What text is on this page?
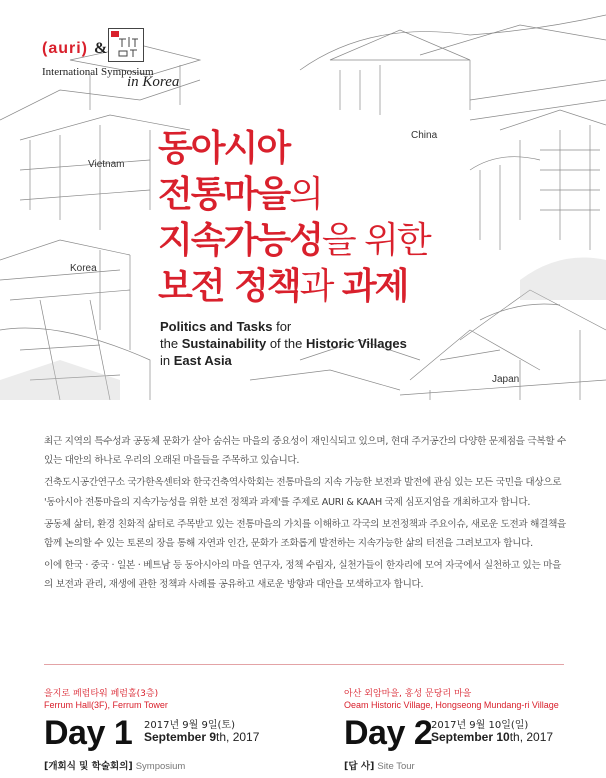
(auri) &
International Symposium
in Korea
China
Vietnam
Korea
Japan
동아시아
전통마을의
지속가능성을 위한
보전 정책과 과제
Politics and Tasks for
the Sustainability of the Historic Villages
in East Asia

최근 지역의 특수성과 공동체 문화가 살아 숨쉬는 마을의 중요성이 재인식되고 있으며, 현대 주거공간의 다양한 문제점을 극복할 수 있는 대안의 하나로 우리의 오래된 마을들을 주목하고 있습니다.

건축도시공간연구소 국가한옥센터와 한국건축역사학회는 전통마을의 지속 가능한 보전과 발전에 관심 있는 모든 국민을 대상으로 '동아시아 전통마을의 지속가능성을 위한 보전 정책과 과제'를 주제로 AURI & KAAH 국제 심포지엄을 개최하고자 합니다.

공동체 삶터, 환경 친화적 삶터로 주목받고 있는 전통마을의 가치를 이해하고 각국의 보전정책과 주요이슈, 새로운 도전과 해결책을 함께 논의할 수 있는 토론의 장을 통해 자연과 인간, 문화가 조화롭게 발전하는 지속가능한 삶의 터전을 그려보고자 합니다.

이에 한국 · 중국 · 일본 · 베트남 등 동아시아의 마을 연구자, 정책 수립자, 실천가들이 한자리에 모여 자국에서 실천하고 있는 마을의 보전과 관리, 재생에 관한 정책과 사례를 공유하고 새로운 방향과 대안을 모색하고자 합니다.

을지로 페럼타워 페럼홀(3층)
Ferrum Hall(3F), Ferrum Tower
Day 1 2017년 9월 9일(토)
September 9th, 2017
[개회식 및 학술회의] Symposium
아산 외암마을, 홍성 문당리 마을
Oeam Historic Village, Hongseong Mundang-ri Village
Day 2
2017년 9월 10일(일)
September 10th, 2017
[답 사] Site Tour
